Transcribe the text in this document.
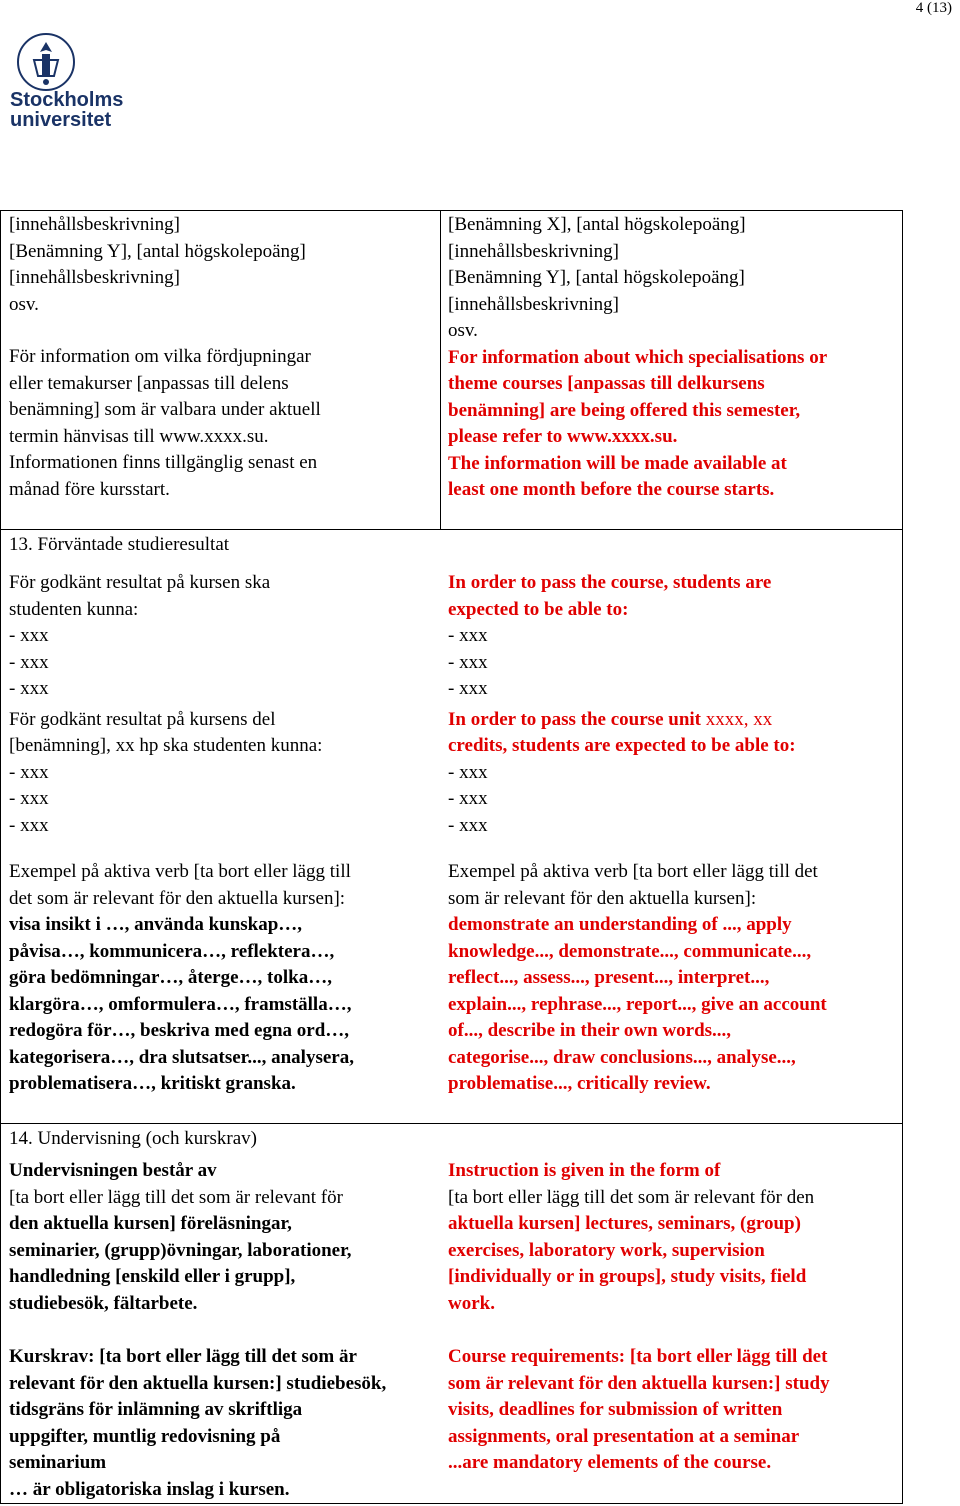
4 (13)
Stockholms
universitet
[innehållsbeskrivning]
[Benämning Y], [antal högskolepoäng]
[innehållsbeskrivning]
osv.
För information om vilka fördjupningar
eller temakurser [anpassas till delens
benämning] som är valbara under aktuell
termin hänvisas till www.xxxx.su.
Informationen finns tillgänglig senast en
månad före kursstart.
[Benämning X], [antal högskolepoäng]
[innehållsbeskrivning]
[Benämning Y], [antal högskolepoäng]
[innehållsbeskrivning]
osv.
For information about which specialisations or
theme courses [anpassas till delkursens
benämning] are being offered this semester,
please refer to www.xxxx.su.
The information will be made available at
least one month before the course starts.
13. Förväntade studieresultat
För godkänt resultat på kursen ska
studenten kunna:
- xxx
- xxx
- xxx
För godkänt resultat på kursens del
[benämning], xx hp ska studenten kunna:
- xxx
- xxx
- xxx
Exempel på aktiva verb [ta bort eller lägg till
det som är relevant för den aktuella kursen]:
visa insikt i …, använda kunskap…,
påvisa…, kommunicera…, reflektera…,
göra bedömningar…, återge…, tolka…,
klargöra…, omformulera…, framställa…,
redogöra för…, beskriva med egna ord…,
kategorisera…, dra slutsatser..., analysera,
problematisera…, kritiskt granska.
In order to pass the course, students are
expected to be able to:
- xxx
- xxx
- xxx
In order to pass the course unit xxxx, xx
credits, students are expected to be able to:
- xxx
- xxx
- xxx
Exempel på aktiva verb [ta bort eller lägg till det
som är relevant för den aktuella kursen]:
demonstrate an understanding of ..., apply
knowledge..., demonstrate..., communicate...,
reflect..., assess..., present..., interpret...,
explain..., rephrase..., report..., give an account
of..., describe in their own words...,
categorise..., draw conclusions..., analyse...,
problematise..., critically review.
14. Undervisning (och kurskrav)
Undervisningen består av
[ta bort eller lägg till det som är relevant för
den aktuella kursen] föreläsningar,
seminarier, (grupp)övningar, laborationer,
handledning [enskild eller i grupp],
studiebesök, fältarbete.
Kurskrav: [ta bort eller lägg till det som är
relevant för den aktuella kursen:] studiebesök,
tidsgräns för inlämning av skriftliga
uppgifter, muntlig redovisning på
seminarium
… är obligatoriska inslag i kursen.
Instruction is given in the form of
[ta bort eller lägg till det som är relevant för den
aktuella kursen] lectures, seminars, (group)
exercises, laboratory work, supervision
[individually or in groups], study visits, field
work.
Course requirements: [ta bort eller lägg till det
som är relevant för den aktuella kursen:] study
visits, deadlines for submission of written
assignments, oral presentation at a seminar
...are mandatory elements of the course.
